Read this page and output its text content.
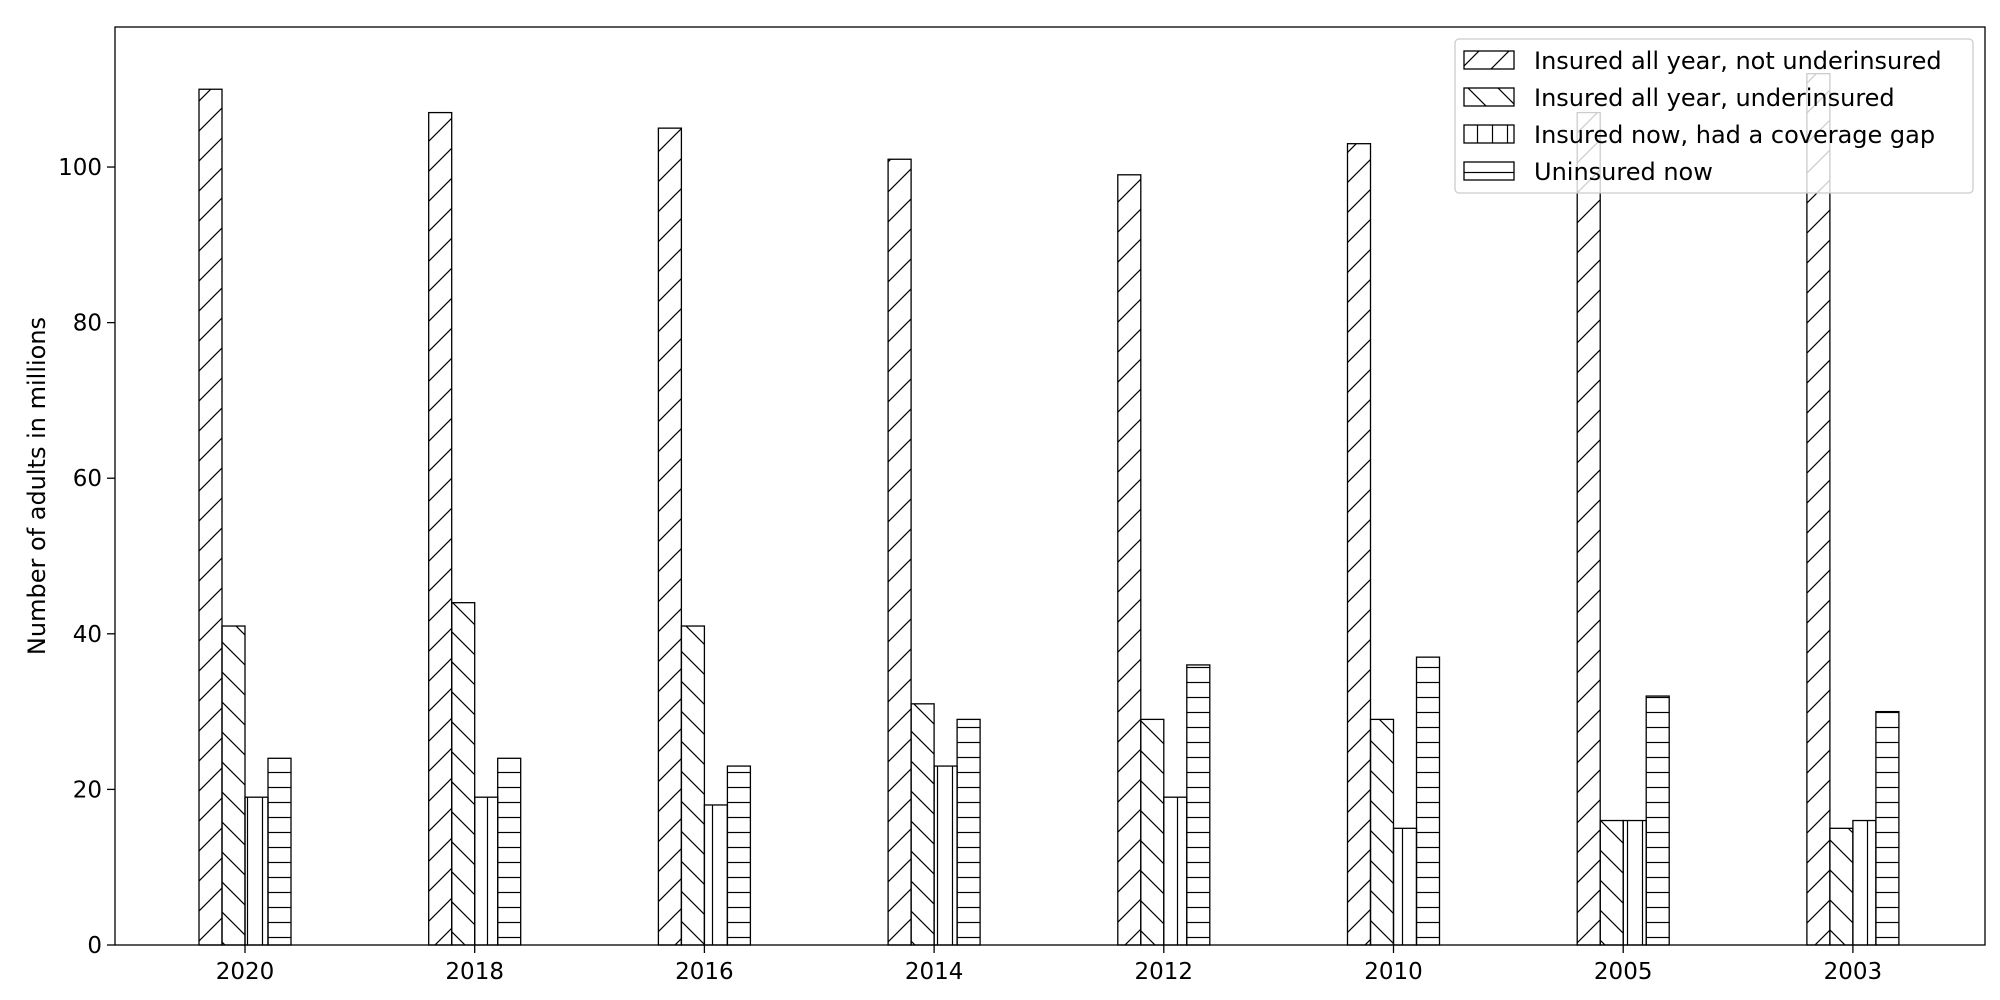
0
20
40
60
80
100
2020	2018	2016	2014	2012	2010	2005	2003
Number of adults in millions
Insured all year, not underinsured
Insured all year, underinsured
Insured now, had a coverage gap
Uninsured now
